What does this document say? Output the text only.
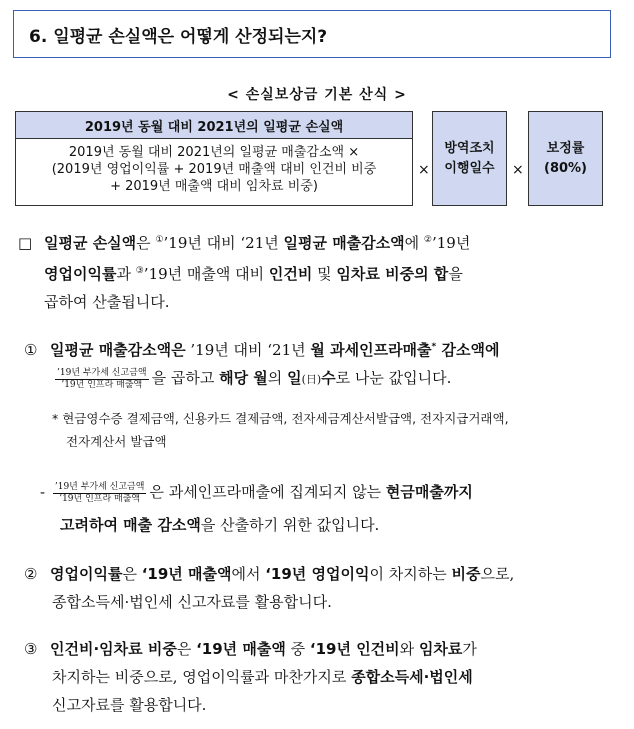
6. 일평균 손실액은 어떻게 산정되는지?
< 손실보상금 기본 산식 >
2019년 동월 대비 2021년의 일평균 손실액
2019년 동월 대비 2021년의 일평균 매출감소액 ×
(2019년 영업이익률 + 2019년 매출액 대비 인건비 비중
+ 2019년 매출액 대비 임차료 비중)
×
방역조치
이행일수 ×
보정률
(80%)
□ 일평균 손실액은 ①’19년 대비 ‘21년 일평균 매출감소액에 ②’19년
영업이익률과 ③’19년 매출액 대비 인건비 및 임차료 비중의 합을
곱하여 산출됩니다.
① 일평균 매출감소액은 ’19년 대비 ‘21년 월 과세인프라매출* 감소액에
$\frac{\text{’19년 부가세 신고금액}}{\text{’19년 인프라 매출액}}$ 을 곱하고 해당 월의 일(日)수로 나눈 값입니다.
* 현금영수증 결제금액, 신용카드 결제금액, 전자세금계산서발급액, 전자지급거래액,
전자계산서 발급액
- $\frac{\text{’19년 부가세 신고금액}}{\text{’19년 인프라 매출액}}$ 은 과세인프라매출에 집계되지 않는 현금매출까지
고려하여 매출 감소액을 산출하기 위한 값입니다.
② 영업이익률은 ‘19년 매출액에서 ‘19년 영업이익이 차지하는 비중으로,
종합소득세·법인세 신고자료를 활용합니다.
③ 인건비·임차료 비중은 ‘19년 매출액 중 ‘19년 인건비와 임차료가
차지하는 비중으로, 영업이익률과 마찬가지로 종합소득세·법인세
신고자료를 활용합니다.
